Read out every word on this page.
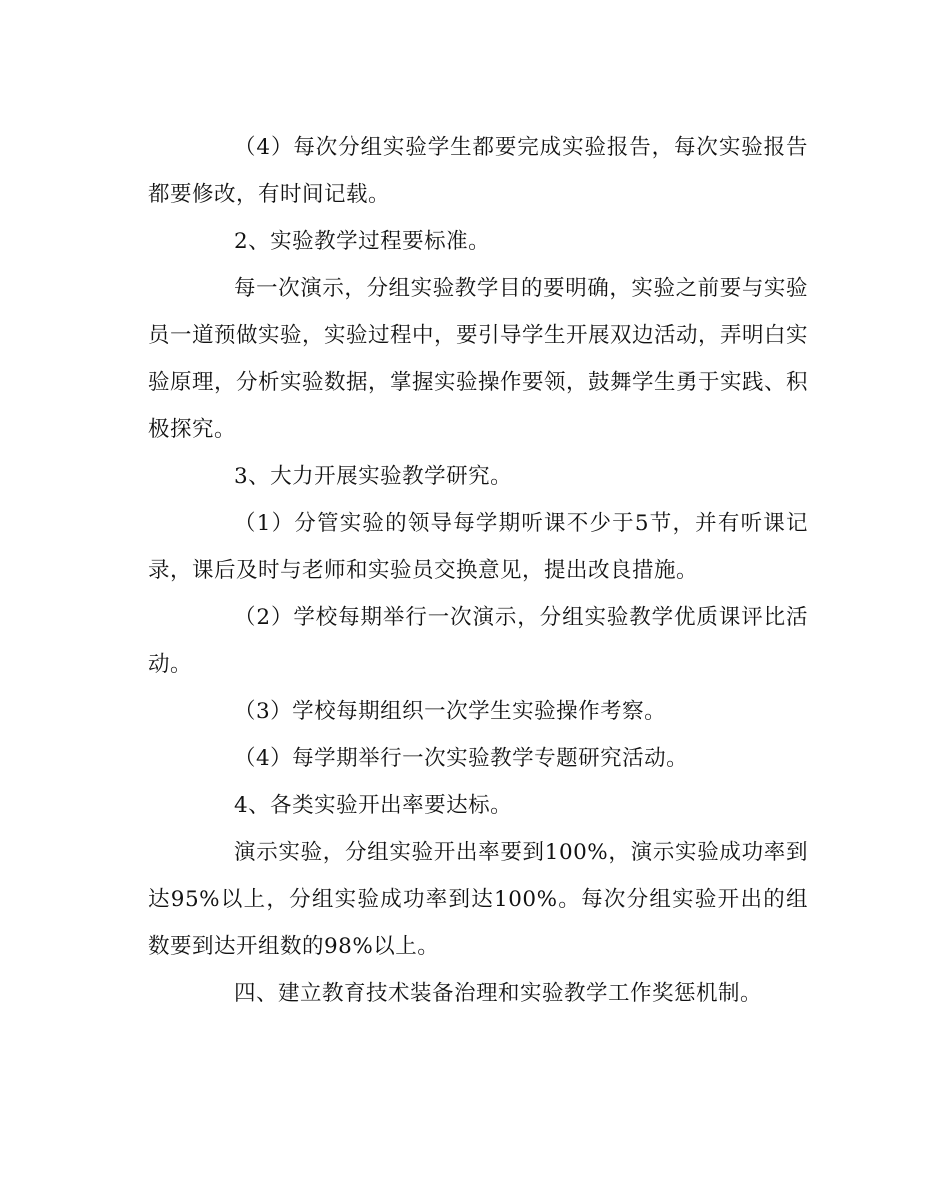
（4）每次分组实验学生都要完成实验报告，每次实验报告都要修改，有时间记载。

2、实验教学过程要标准。

每一次演示，分组实验教学目的要明确，实验之前要与实验员一道预做实验，实验过程中，要引导学生开展双边活动，弄明白实验原理，分析实验数据，掌握实验操作要领，鼓舞学生勇于实践、积极探究。

3、大力开展实验教学研究。

（1）分管实验的领导每学期听课不少于5节，并有听课记录，课后及时与老师和实验员交换意见，提出改良措施。

（2）学校每期举行一次演示，分组实验教学优质课评比活动。

（3）学校每期组织一次学生实验操作考察。

（4）每学期举行一次实验教学专题研究活动。

4、各类实验开出率要达标。

演示实验，分组实验开出率要到100%，演示实验成功率到达95%以上，分组实验成功率到达100%。每次分组实验开出的组数要到达开组数的98%以上。

四、建立教育技术装备治理和实验教学工作奖惩机制。
